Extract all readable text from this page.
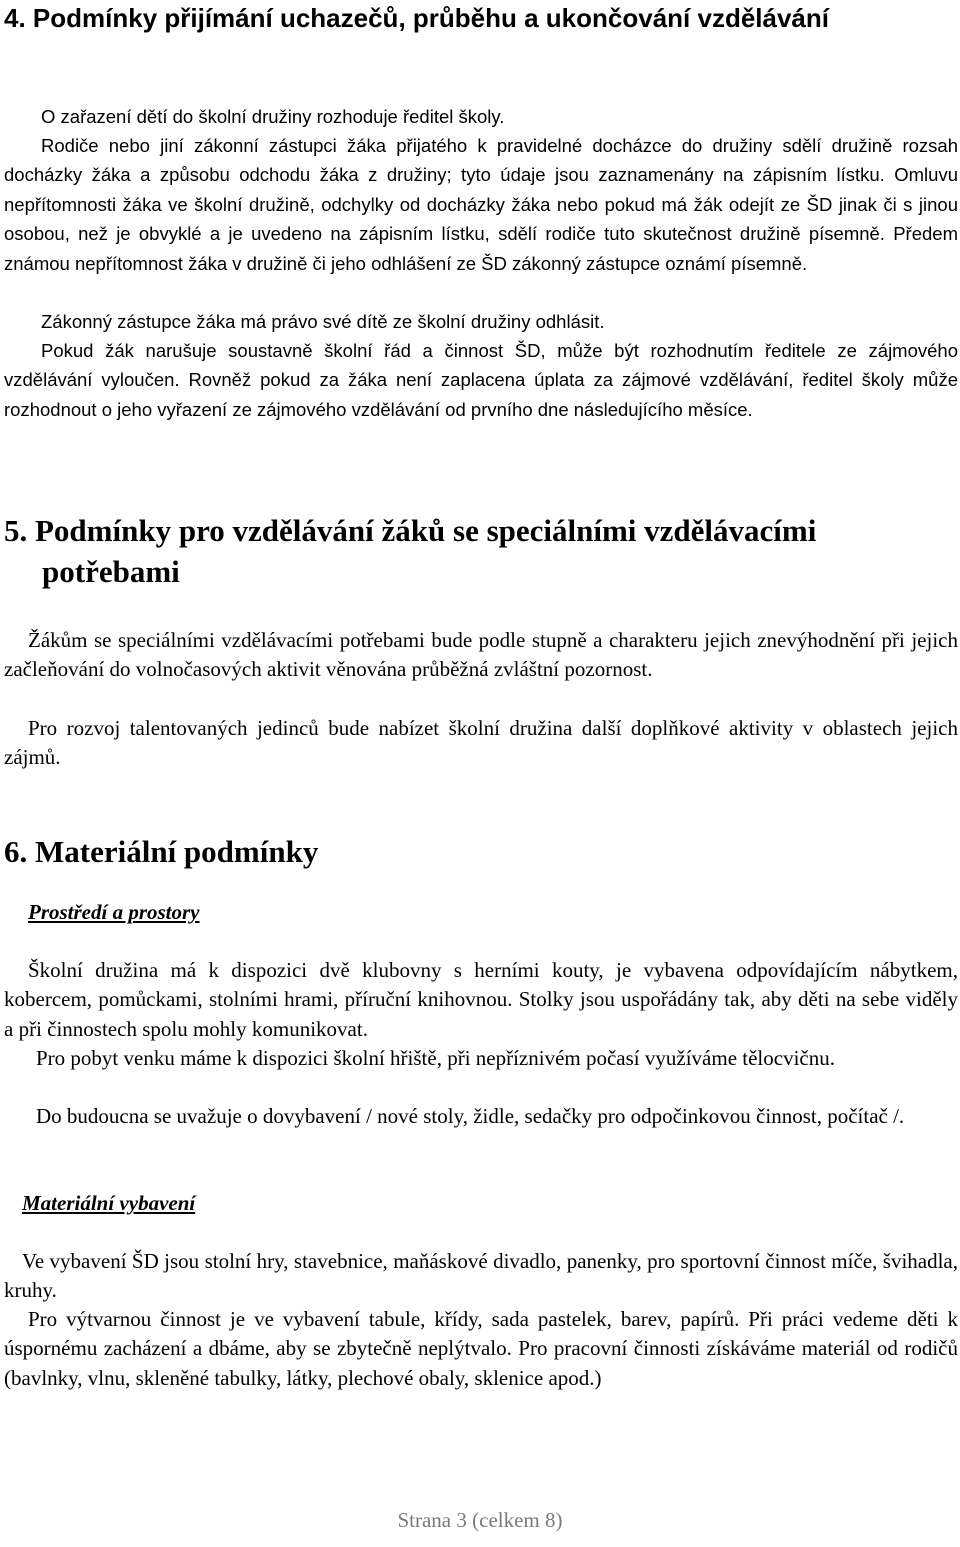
4. Podmínky přijímání uchazečů, průběhu a ukončování vzdělávání

O zařazení dětí do školní družiny rozhoduje ředitel školy.

Rodiče nebo jiní zákonní zástupci žáka přijatého k pravidelné docházce do družiny sdělí družině rozsah docházky žáka a způsobu odchodu žáka z družiny; tyto údaje jsou zaznamenány na zápisním lístku. Omluvu nepřítomnosti žáka ve školní družině, odchylky od docházky žáka nebo pokud má žák odejít ze ŠD jinak či s jinou osobou, než je obvyklé a je uvedeno na zápisním lístku, sdělí rodiče tuto skutečnost družině písemně. Předem známou nepřítomnost žáka v družině či jeho odhlášení ze ŠD zákonný zástupce oznámí písemně.

Zákonný zástupce žáka má právo své dítě ze školní družiny odhlásit.

Pokud žák narušuje soustavně školní řád a činnost ŠD, může být rozhodnutím ředitele ze zájmového vzdělávání vyloučen. Rovněž pokud za žáka není zaplacena úplata za zájmové vzdělávání, ředitel školy může rozhodnout o jeho vyřazení ze zájmového vzdělávání od prvního dne následujícího měsíce.

5. Podmínky pro vzdělávání žáků se speciálními vzdělávacími potřebami

Žákům se speciálními vzdělávacími potřebami bude podle stupně a charakteru jejich znevýhodnění při jejich začleňování do volnočasových aktivit věnována průběžná zvláštní pozornost.

Pro rozvoj talentovaných jedinců bude nabízet školní družina další doplňkové aktivity v oblastech jejich zájmů.

6. Materiální podmínky

Prostředí a prostory

Školní družina má k dispozici dvě klubovny s herními kouty, je vybavena odpovídajícím nábytkem, kobercem, pomůckami, stolními hrami, příruční knihovnou. Stolky jsou uspořádány tak, aby děti na sebe viděly a při činnostech spolu mohly komunikovat.

Pro pobyt venku máme k dispozici školní hřiště, při nepříznivém počasí využíváme tělocvičnu.

Do budoucna se uvažuje o dovybavení / nové stoly, židle, sedačky pro odpočinkovou činnost, počítač /.

Materiální vybavení

Ve vybavení ŠD jsou stolní hry, stavebnice, maňáskové divadlo, panenky, pro sportovní činnost míče, švihadla, kruhy.

Pro výtvarnou činnost je ve vybavení tabule, křídy, sada pastelek, barev, papírů. Při práci vedeme děti k úspornému zacházení a dbáme, aby se zbytečně neplýtvalo. Pro pracovní činnosti získáváme materiál od rodičů (bavlnky, vlnu, skleněné tabulky, látky, plechové obaly, sklenice apod.)

Strana 3 (celkem 8)
